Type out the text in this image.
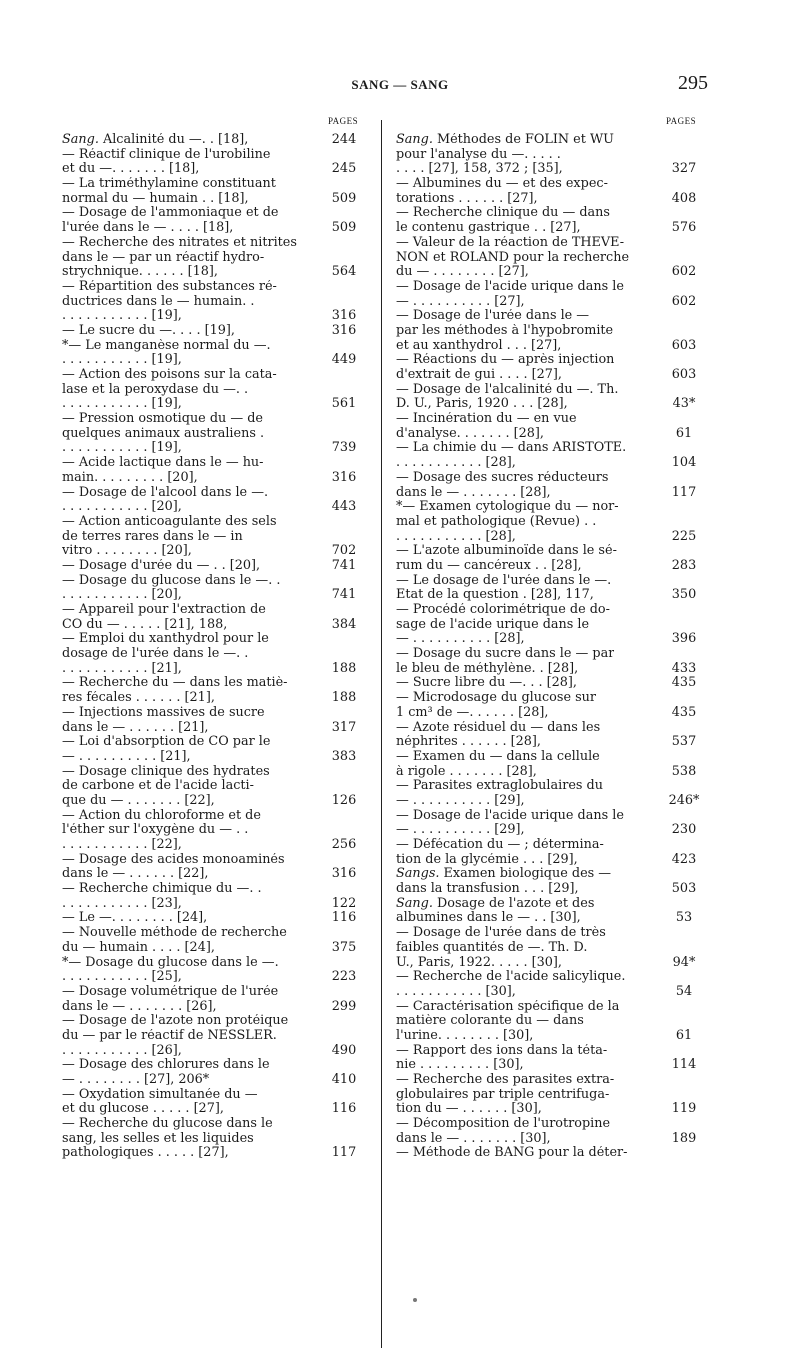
SANG — SANG	295
PAGES
Sang. Alcalinité du —. . [18],	244
— Réactif clinique de l'urobiline
et du —. . . . . . . [18],	245
— La triméthylamine constituant
normal du — humain . . [18],	509
— Dosage de l'ammoniaque et de
l'urée dans le — . . . . [18],	509
— Recherche des nitrates et nitrites
dans le — par un réactif hydro-
strychnique. . . . . . [18],	564
— Répartition des substances ré-
ductrices dans le — humain. .
. . . . . . . . . . . [19],	316
— Le sucre du —. . . . [19],	316
*— Le manganèse normal du —.
. . . . . . . . . . . [19],	449
— Action des poisons sur la cata-
lase et la peroxydase du —. .
. . . . . . . . . . . [19],	561
— Pression osmotique du — de
quelques animaux australiens .
. . . . . . . . . . . [19],	739
— Acide lactique dans le — hu-
main. . . . . . . . . [20],	316
— Dosage de l'alcool dans le —.
. . . . . . . . . . . [20],	443
— Action anticoagulante des sels
de terres rares dans le — in
vitro . . . . . . . . [20],	702
— Dosage d'urée du — . . [20],	741
— Dosage du glucose dans le —. .
. . . . . . . . . . . [20],	741
— Appareil pour l'extraction de
CO du — . . . . . [21], 188,	384
— Emploi du xanthydrol pour le
dosage de l'urée dans le —. .
. . . . . . . . . . . [21],	188
— Recherche du — dans les matiè-
res fécales . . . . . . [21],	188
— Injections massives de sucre
dans le — . . . . . . [21],	317
— Loi d'absorption de CO par le
— . . . . . . . . . . [21],	383
— Dosage clinique des hydrates
de carbone et de l'acide lacti-
que du — . . . . . . . [22],	126
— Action du chloroforme et de
l'éther sur l'oxygène du — . .
. . . . . . . . . . . [22],	256
— Dosage des acides monoaminés
dans le — . . . . . . [22],	316
— Recherche chimique du —. .
. . . . . . . . . . . [23],	122
— Le —. . . . . . . . [24],	116
— Nouvelle méthode de recherche
du — humain . . . . [24],	375
*— Dosage du glucose dans le —.
. . . . . . . . . . . [25],	223
— Dosage volumétrique de l'urée
dans le — . . . . . . . [26],	299
— Dosage de l'azote non protéique
du — par le réactif de NESSLER.
. . . . . . . . . . . [26],	490
— Dosage des chlorures dans le
— . . . . . . . . [27], 206*	410
— Oxydation simultanée du —
et du glucose . . . . . [27],	116
— Recherche du glucose dans le
sang, les selles et les liquides
pathologiques . . . . . [27],	117
PAGES
Sang. Méthodes de FOLIN et WU
pour l'analyse du —. . . . .
. . . . [27], 158, 372 ; [35],	327
— Albumines du — et des expec-
torations . . . . . . [27],	408
— Recherche clinique du — dans
le contenu gastrique . . [27],	576
— Valeur de la réaction de THÉVE-
NON et ROLAND pour la recherche
du — . . . . . . . . [27],	602
— Dosage de l'acide urique dans le
— . . . . . . . . . . [27],	602
— Dosage de l'urée dans le —
par les méthodes à l'hypobromite
et au xanthydrol . . . [27],	603
— Réactions du — après injection
d'extrait de gui . . . . [27],	603
— Dosage de l'alcalinité du —. Th.
D. U., Paris, 1920 . . . [28],	43*
— Incinération du — en vue
d'analyse. . . . . . . [28],	61
— La chimie du — dans ARISTOTE.
. . . . . . . . . . . [28],	104
— Dosage des sucres réducteurs
dans le — . . . . . . . [28],	117
*— Examen cytologique du — nor-
mal et pathologique (Revue) . .
. . . . . . . . . . . [28],	225
— L'azote albuminoïde dans le sé-
rum du — cancéreux . . [28],	283
— Le dosage de l'urée dans le —.
État de la question . [28], 117,	350
— Procédé colorimétrique de do-
sage de l'acide urique dans le
— . . . . . . . . . . [28],	396
— Dosage du sucre dans le — par
le bleu de méthylène. . [28],	433
— Sucre libre du —. . . [28],	435
— Microdosage du glucose sur
1 cm³ de —. . . . . . [28],	435
— Azote résiduel du — dans les
néphrites . . . . . . [28],	537
— Examen du — dans la cellule
à rigole . . . . . . . [28],	538
— Parasites extraglobulaires du
— . . . . . . . . . . [29],	246*
— Dosage de l'acide urique dans le
— . . . . . . . . . . [29],	230
— Défécation du — ; détermina-
tion de la glycémie . . . [29],	423
Sangs. Examen biologique des —
dans la transfusion . . . [29],	503
Sang. Dosage de l'azote et des
albumines dans le — . . [30],	53
— Dosage de l'urée dans de très
faibles quantités de —. Th. D.
U., Paris, 1922. . . . . [30],	94*
— Recherche de l'acide salicylique.
. . . . . . . . . . . [30],	54
— Caractérisation spécifique de la
matière colorante du — dans
l'urine. . . . . . . . [30],	61
— Rapport des ions dans la téta-
nie . . . . . . . . . [30],	114
— Recherche des parasites extra-
globulaires par triple centrifuga-
tion du — . . . . . . [30],	119
— Décomposition de l'urotropine
dans le — . . . . . . . [30],	189
— Méthode de BANG pour la déter-
